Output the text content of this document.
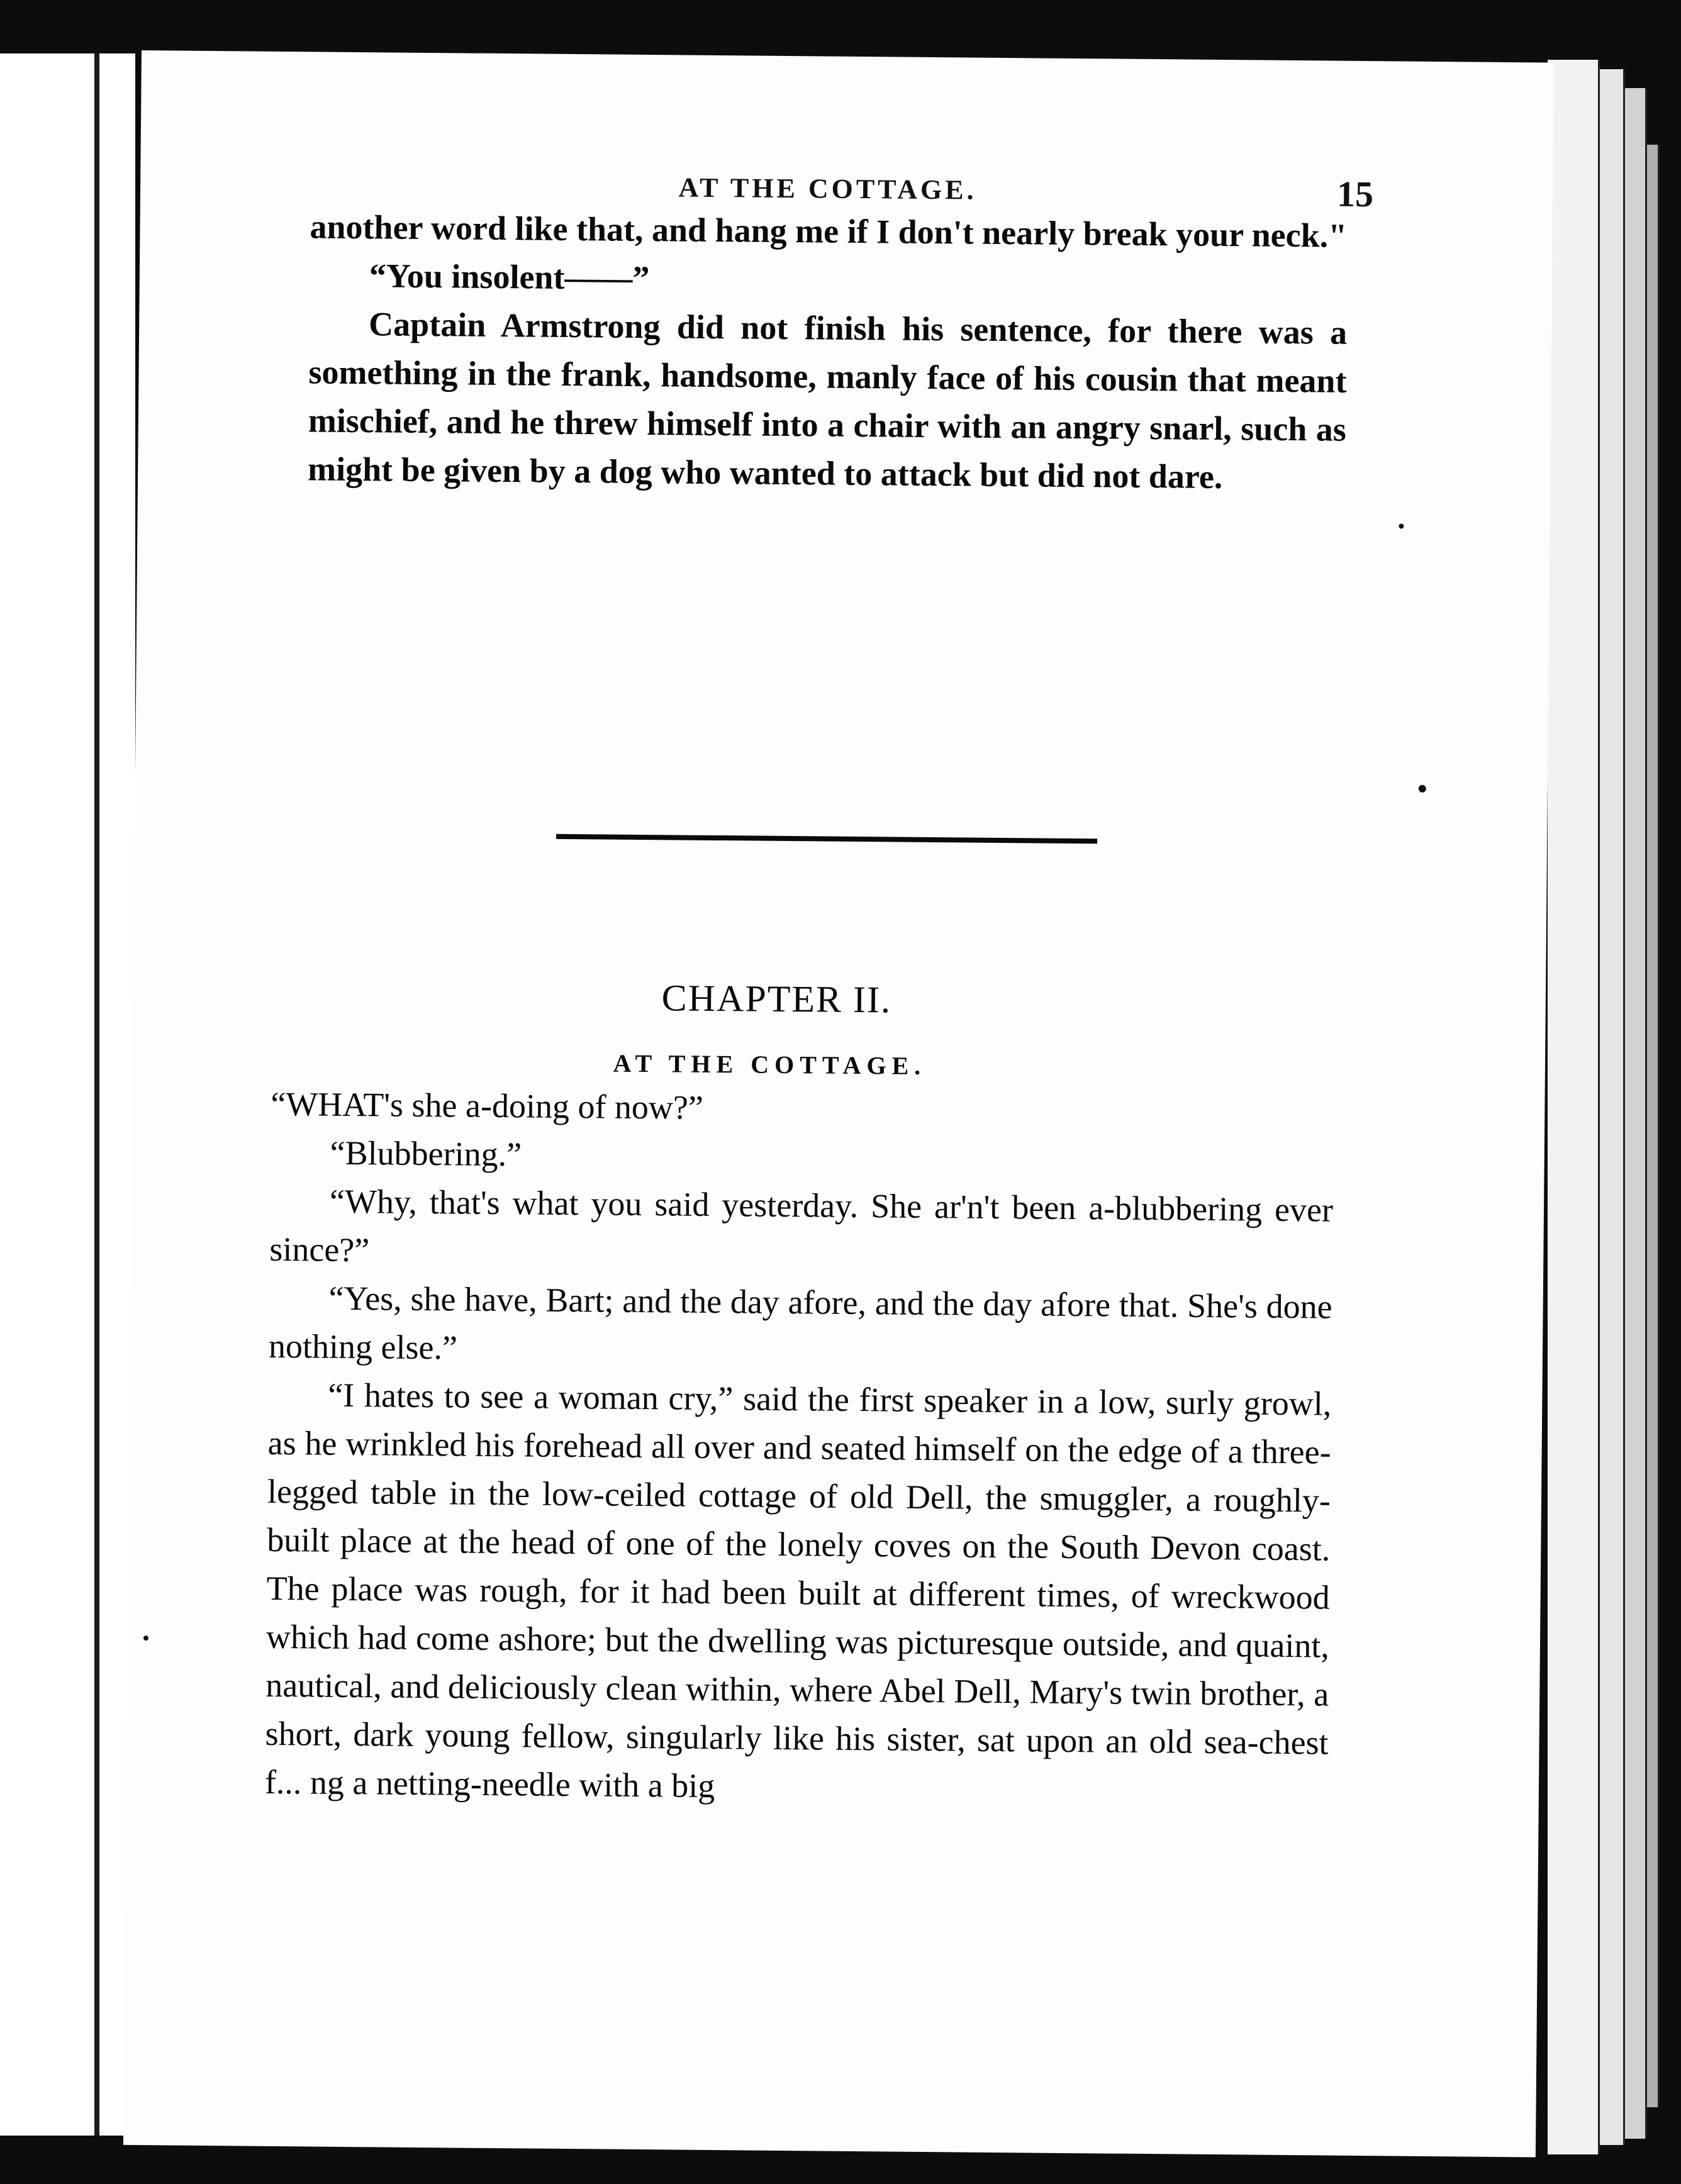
AT THE COTTAGE.	15

another word like that, and hang me if I don't nearly break your neck."

“You insolent——”

Captain Armstrong did not finish his sentence, for there was a something in the frank, handsome, manly face of his cousin that meant mischief, and he threw himself into a chair with an angry snarl, such as might be given by a dog who wanted to attack but did not dare.

CHAPTER II.
AT THE COTTAGE.

“WHAT's she a-doing of now?”

“Blubbering.”

“Why, that's what you said yesterday. She ar'n't been a-blubbering ever since?”

“Yes, she have, Bart; and the day afore, and the day afore that. She's done nothing else.”

“I hates to see a woman cry,” said the first speaker in a low, surly growl, as he wrinkled his forehead all over and seated himself on the edge of a three-legged table in the low-ceiled cottage of old Dell, the smuggler, a roughly-built place at the head of one of the lonely coves on the South Devon coast. The place was rough, for it had been built at different times, of wreckwood which had come ashore; but the dwelling was picturesque outside, and quaint, nautical, and deliciously clean within, where Abel Dell, Mary's twin brother, a short, dark young fellow, singularly like his sister, sat upon an old sea-chest f... ng a netting-needle with a big
